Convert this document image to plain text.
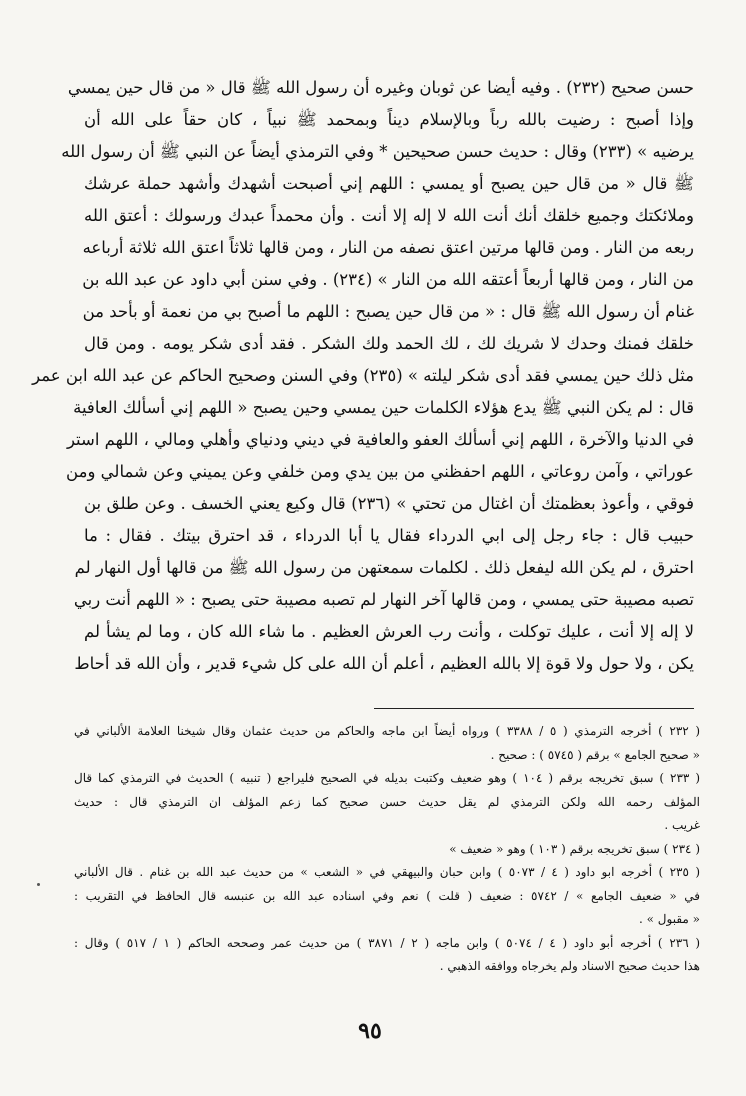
حسن صحيح (٢٣٢) . وفيه أيضا عن ثوبان وغيره أن رسول الله ﷺ قال « من قال حين يمسي
وإذا أصبح : رضيت بالله رباً وبالإسلام ديناً وبمحمد ﷺ نبياً ، كان حقاً على الله أن
يرضيه » (٢٣٣) وقال : حديث حسن صحيحين * وفي الترمذي أيضاً عن النبي ﷺ أن رسول الله
ﷺ قال « من قال حين يصبح أو يمسي : اللهم إني أصبحت أشهدك وأشهد حملة عرشك
وملائكتك وجميع خلقك أنك أنت الله لا إله إلا أنت . وأن محمداً عبدك ورسولك : أعتق الله
ربعه من النار . ومن قالها مرتين اعتق نصفه من النار ، ومن قالها ثلاثاً اعتق الله ثلاثة أرباعه
من النار ، ومن قالها أربعاً أعتقه الله من النار » (٢٣٤) . وفي سنن أبي داود عن عبد الله بن
غنام أن رسول الله ﷺ قال : « من قال حين يصبح : اللهم ما أصبح بي من نعمة أو بأحد من
خلقك فمنك وحدك لا شريك لك ، لك الحمد ولك الشكر . فقد أدى شكر يومه . ومن قال
مثل ذلك حين يمسي فقد أدى شكر ليلته » (٢٣٥) وفي السنن وصحيح الحاكم عن عبد الله ابن عمر
قال : لم يكن النبي ﷺ يدع هؤلاء الكلمات حين يمسي وحين يصبح « اللهم إني أسألك العافية
في الدنيا والآخرة ، اللهم إني أسألك العفو والعافية في ديني ودنياي وأهلي ومالي ، اللهم استر
عوراتي ، وآمن روعاتي ، اللهم احفظني من بين يدي ومن خلفي وعن يميني وعن شمالي ومن
فوقي ، وأعوذ بعظمتك أن اغتال من تحتي » (٢٣٦) قال وكيع يعني الخسف . وعن طلق بن
حبيب قال : جاء رجل إلى ابي الدرداء فقال يا أبا الدرداء ، قد احترق بيتك . فقال : ما
احترق ، لم يكن الله ليفعل ذلك . لكلمات سمعتهن من رسول الله ﷺ من قالها أول النهار لم
تصبه مصيبة حتى يمسي ، ومن قالها آخر النهار لم تصبه مصيبة حتى يصبح : « اللهم أنت ربي
لا إله إلا أنت ، عليك توكلت ، وأنت رب العرش العظيم . ما شاء الله كان ، وما لم يشأ لم
يكن ، ولا حول ولا قوة إلا بالله العظيم ، أعلم أن الله على كل شيء قدير ، وأن الله قد أحاط
( ٢٣٢ ) أخرجه الترمذي ( ٥ / ٣٣٨٨ ) ورواه أيضاً ابن ماجه والحاكم من حديث عثمان وقال شيخنا العلامة الألباني في
« صحيح الجامع » برقم ( ٥٧٤٥ ) : صحيح .
( ٢٣٣ ) سبق تخريجه برقم ( ١٠٤ ) وهو ضعيف وكتبت بديله في الصحيح فليراجع ( تنبيه ) الحديث في الترمذي كما قال
المؤلف رحمه الله ولكن الترمذي لم يقل حديث حسن صحيح كما زعم المؤلف ان الترمذي قال : حديث
غريب .
( ٢٣٤ ) سبق تخريجه برقم ( ١٠٣ ) وهو « ضعيف »
( ٢٣٥ ) أخرجه ابو داود ( ٤ / ٥٠٧٣ ) وابن حبان والبيهقي في « الشعب » من حديث عبد الله بن غنام . قال الألباني
في « ضعيف الجامع » / ٥٧٤٢ : ضعيف ( قلت ) نعم وفي اسناده عبد الله بن عنبسه قال الحافظ في التقريب :
« مقبول » .
( ٢٣٦ ) أخرجه أبو داود ( ٤ / ٥٠٧٤ ) وابن ماجه ( ٢ / ٣٨٧١ ) من حديث عمر وصححه الحاكم ( ١ / ٥١٧ ) وقال :
هذا حديث صحيح الاسناد ولم يخرجاه ووافقه الذهبي .
٩٥
